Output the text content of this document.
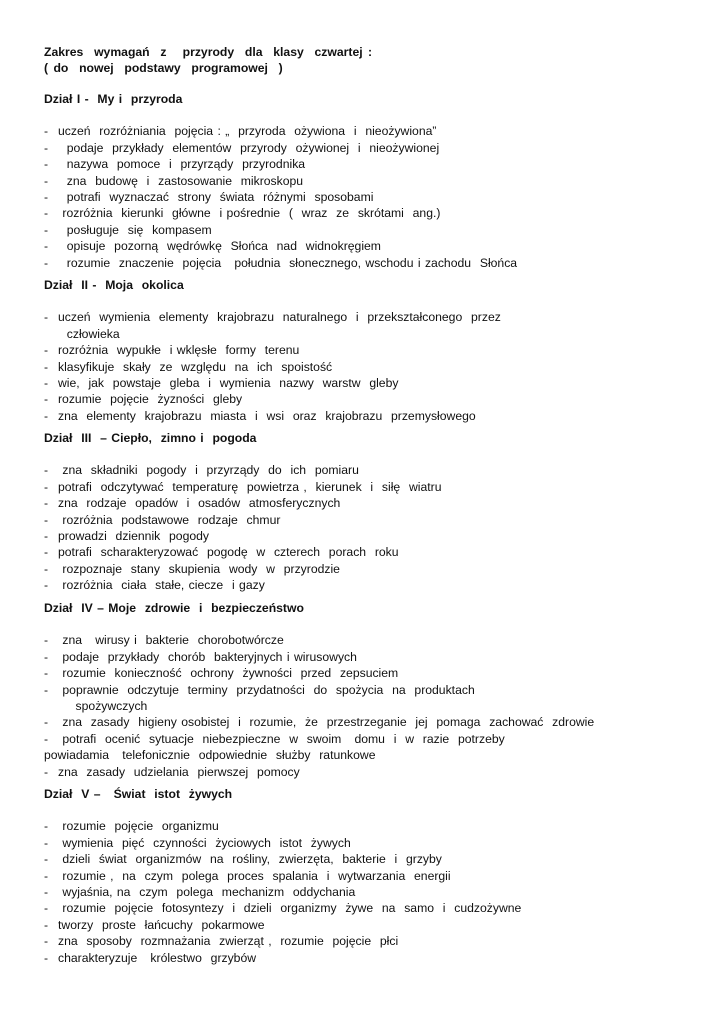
Zakres  wymagań  z   przyrody  dla  klasy  czwartej :
( do  nowej  podstawy  programowej  )
Dział I -  My i  przyroda
- uczeń  rozróżniania  pojęcia : „  przyroda  ożywiona  i  nieożywiona”
- podaje  przykłady  elementów  przyrody  ożywionej  i  nieożywionej
- nazywa  pomoce  i  przyrządy  przyrodnika
- zna  budowę  i  zastosowanie  mikroskopu
- potrafi  wyznaczać  strony  świata  różnymi  sposobami
- rozróżnia  kierunki  główne  i pośrednie  (  wraz  ze  skrótami  ang.)
- posługuje  się  kompasem
- opisuje  pozorną  wędrówkę  Słońca  nad  widnokręgiem
- rozumie  znaczenie  pojęcia   południa  słonecznego, wschodu i zachodu  Słońca
Dział  II -  Moja  okolica
- uczeń  wymienia  elementy  krajobrazu  naturalnego  i  przekształconego  przez
człowieka
- rozróżnia  wypukłe  i wklęsłe  formy  terenu
- klasyfikuje  skały  ze  względu  na  ich  spoistość
- wie,  jak  powstaje  gleba  i  wymienia  nazwy  warstw  gleby
- rozumie  pojęcie  żyzności  gleby
- zna  elementy  krajobrazu  miasta  i  wsi  oraz  krajobrazu  przemysłowego
Dział  III  – Ciepło,  zimno i  pogoda
- zna  składniki  pogody  i  przyrządy  do  ich  pomiaru
- potrafi  odczytywać  temperaturę  powietrza ,  kierunek  i  siłę  wiatru
- zna  rodzaje  opadów  i  osadów  atmosferycznych
- rozróżnia  podstawowe  rodzaje  chmur
- prowadzi  dziennik  pogody
- potrafi  scharakteryzować  pogodę  w  czterech  porach  roku
- rozpoznaje  stany  skupienia  wody  w  przyrodzie
- rozróżnia  ciała  stałe, ciecze  i gazy
Dział  IV – Moje  zdrowie  i  bezpieczeństwo
- zna   wirusy i  bakterie  chorobotwórcze
- podaje  przykłady  chorób  bakteryjnych i wirusowych
- rozumie  konieczność  ochrony  żywności  przed  zepsuciem
- poprawnie  odczytuje  terminy  przydatności  do  spożycia  na  produktach
spożywczych
- zna  zasady  higieny osobistej  i  rozumie,  że  przestrzeganie  jej  pomaga  zachować  zdrowie
- potrafi  ocenić  sytuacje  niebezpieczne  w  swoim   domu  i  w  razie  potrzeby
powiadamia   telefonicznie  odpowiednie  służby  ratunkowe
- zna  zasady  udzielania  pierwszej  pomocy
Dział  V –   Świat  istot  żywych
- rozumie  pojęcie  organizmu
- wymienia  pięć  czynności  życiowych  istot  żywych
- dzieli  świat  organizmów  na  rośliny,  zwierzęta,  bakterie  i  grzyby
- rozumie ,  na  czym  polega  proces  spalania  i  wytwarzania  energii
- wyjaśnia, na  czym  polega  mechanizm  oddychania
- rozumie  pojęcie  fotosyntezy  i  dzieli  organizmy  żywe  na  samo  i  cudzożywne
- tworzy  proste  łańcuchy  pokarmowe
- zna  sposoby  rozmnażania  zwierząt ,  rozumie  pojęcie  płci
- charakteryzuje   królestwo  grzybów
